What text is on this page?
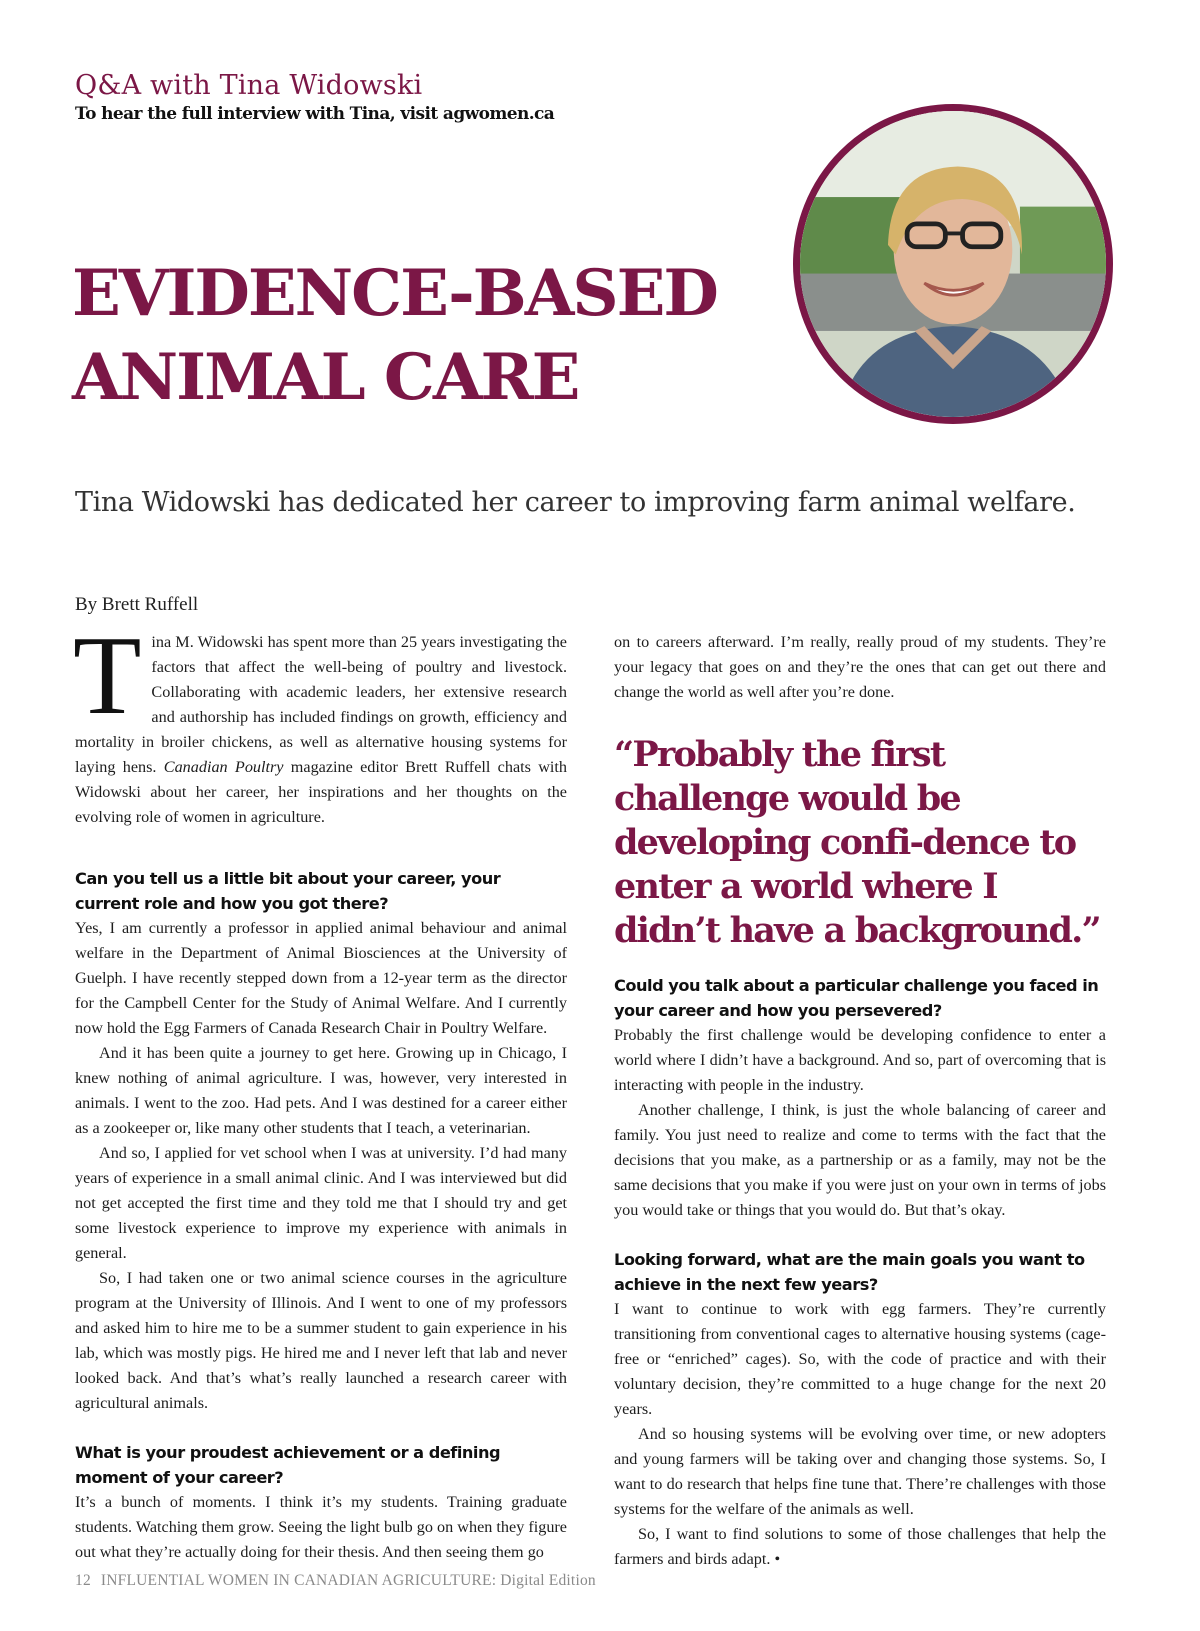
Q&A with Tina Widowski
To hear the full interview with Tina, visit agwomen.ca
EVIDENCE-BASED
ANIMAL CARE
Tina Widowski has dedicated her career to improving farm animal welfare.
By Brett Ruffell

Tina M. Widowski has spent more than 25 years investigating the factors that affect the well-being of poultry and livestock. Collaborating with academic leaders, her extensive research and authorship has included findings on growth, efficiency and mortality in broiler chickens, as well as alternative housing systems for laying hens. Canadian Poultry magazine editor Brett Ruffell chats with Widowski about her career, her inspirations and her thoughts on the evolving role of women in agriculture.

Can you tell us a little bit about your career, your current role and how you got there?

Yes, I am currently a professor in applied animal behaviour and animal welfare in the Department of Animal Biosciences at the University of Guelph. I have recently stepped down from a 12-year term as the director for the Campbell Center for the Study of Animal Welfare. And I currently now hold the Egg Farmers of Canada Research Chair in Poultry Welfare.

And it has been quite a journey to get here. Growing up in Chicago, I knew nothing of animal agriculture. I was, however, very interested in animals. I went to the zoo. Had pets. And I was destined for a career either as a zookeeper or, like many other students that I teach, a veterinarian.

And so, I applied for vet school when I was at university. I’d had many years of experience in a small animal clinic. And I was interviewed but did not get accepted the first time and they told me that I should try and get some livestock experience to improve my experience with animals in general.

So, I had taken one or two animal science courses in the agriculture program at the University of Illinois. And I went to one of my professors and asked him to hire me to be a summer student to gain experience in his lab, which was mostly pigs. He hired me and I never left that lab and never looked back. And that’s what’s really launched a research career with agricultural animals.

What is your proudest achievement or a defining moment of your career?

It’s a bunch of moments. I think it’s my students. Training graduate students. Watching them grow. Seeing the light bulb go on when they figure out what they’re actually doing for their thesis. And then seeing them go

on to careers afterward. I’m really, really proud of my students. They’re your legacy that goes on and they’re the ones that can get out there and change the world as well after you’re done.

“Probably the first challenge would be developing confi-dence to enter a world where I didn’t have a background.”
Could you talk about a particular challenge you faced in your career and how you persevered?

Probably the first challenge would be developing confidence to enter a world where I didn’t have a background. And so, part of overcoming that is interacting with people in the industry.

Another challenge, I think, is just the whole balancing of career and family. You just need to realize and come to terms with the fact that the decisions that you make, as a partnership or as a family, may not be the same decisions that you make if you were just on your own in terms of jobs you would take or things that you would do. But that’s okay.

Looking forward, what are the main goals you want to achieve in the next few years?

I want to continue to work with egg farmers. They’re currently transitioning from conventional cages to alternative housing systems (cage-free or “enriched” cages). So, with the code of practice and with their voluntary decision, they’re committed to a huge change for the next 20 years.

And so housing systems will be evolving over time, or new adopters and young farmers will be taking over and changing those systems. So, I want to do research that helps fine tune that. There’re challenges with those systems for the welfare of the animals as well.

So, I want to find solutions to some of those challenges that help the farmers and birds adapt. •

12 INFLUENTIAL WOMEN IN CANADIAN AGRICULTURE: Digital Edition
